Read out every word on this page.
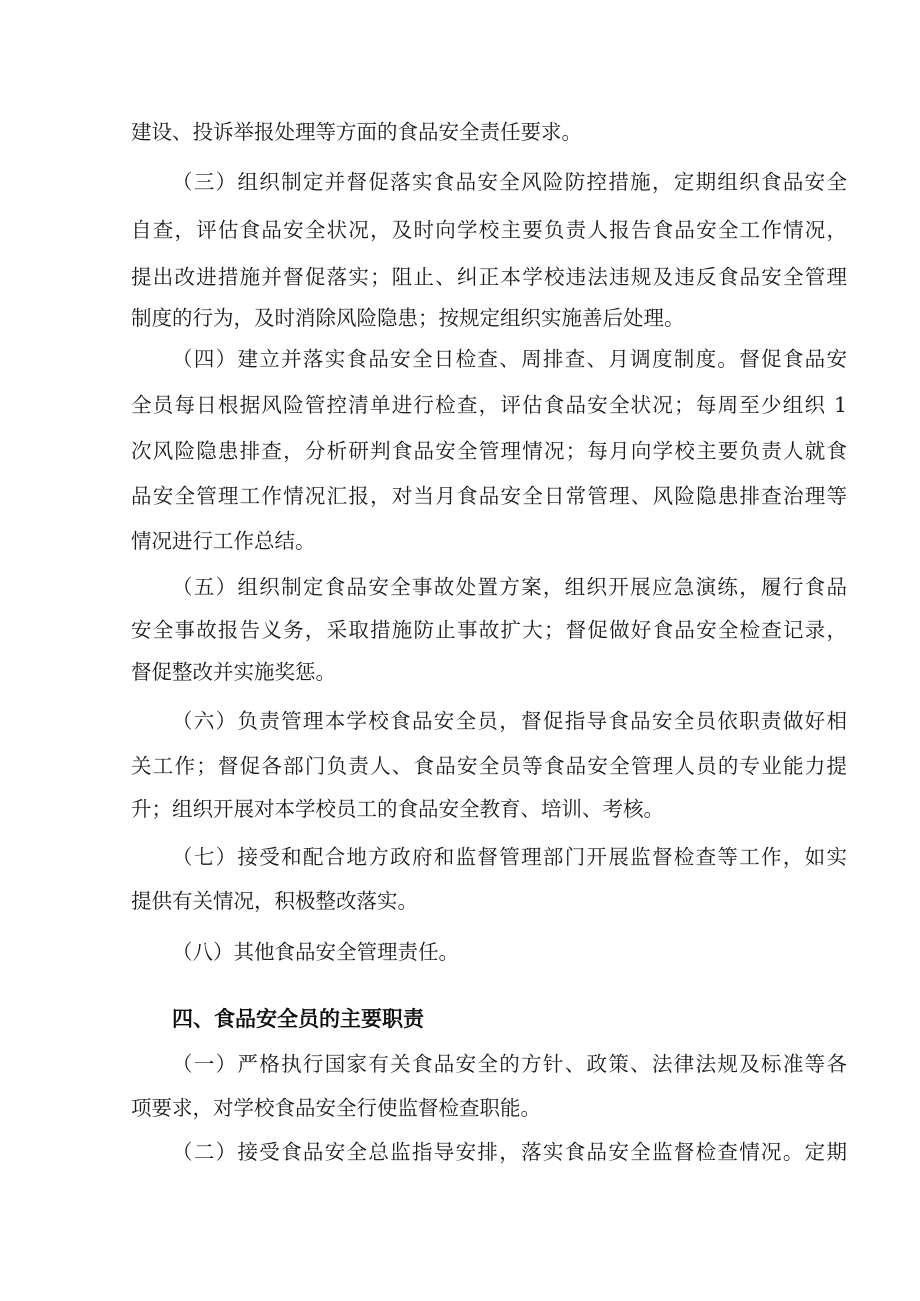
建设、投诉举报处理等方面的食品安全责任要求。
（三）组织制定并督促落实食品安全风险防控措施，定期组织食品安全
自查，评估食品安全状况，及时向学校主要负责人报告食品安全工作情况，
提出改进措施并督促落实；阻止、纠正本学校违法违规及违反食品安全管理
制度的行为，及时消除风险隐患；按规定组织实施善后处理。
（四）建立并落实食品安全日检查、周排查、月调度制度。督促食品安
全员每日根据风险管控清单进行检查，评估食品安全状况；每周至少组织 1
次风险隐患排查，分析研判食品安全管理情况；每月向学校主要负责人就食
品安全管理工作情况汇报，对当月食品安全日常管理、风险隐患排查治理等
情况进行工作总结。
（五）组织制定食品安全事故处置方案，组织开展应急演练，履行食品
安全事故报告义务，采取措施防止事故扩大；督促做好食品安全检查记录，
督促整改并实施奖惩。
（六）负责管理本学校食品安全员，督促指导食品安全员依职责做好相
关工作；督促各部门负责人、食品安全员等食品安全管理人员的专业能力提
升；组织开展对本学校员工的食品安全教育、培训、考核。
（七）接受和配合地方政府和监督管理部门开展监督检查等工作，如实
提供有关情况，积极整改落实。
（八）其他食品安全管理责任。
四、食品安全员的主要职责
（一）严格执行国家有关食品安全的方针、政策、法律法规及标准等各
项要求，对学校食品安全行使监督检查职能。
（二）接受食品安全总监指导安排，落实食品安全监督检查情况。定期
